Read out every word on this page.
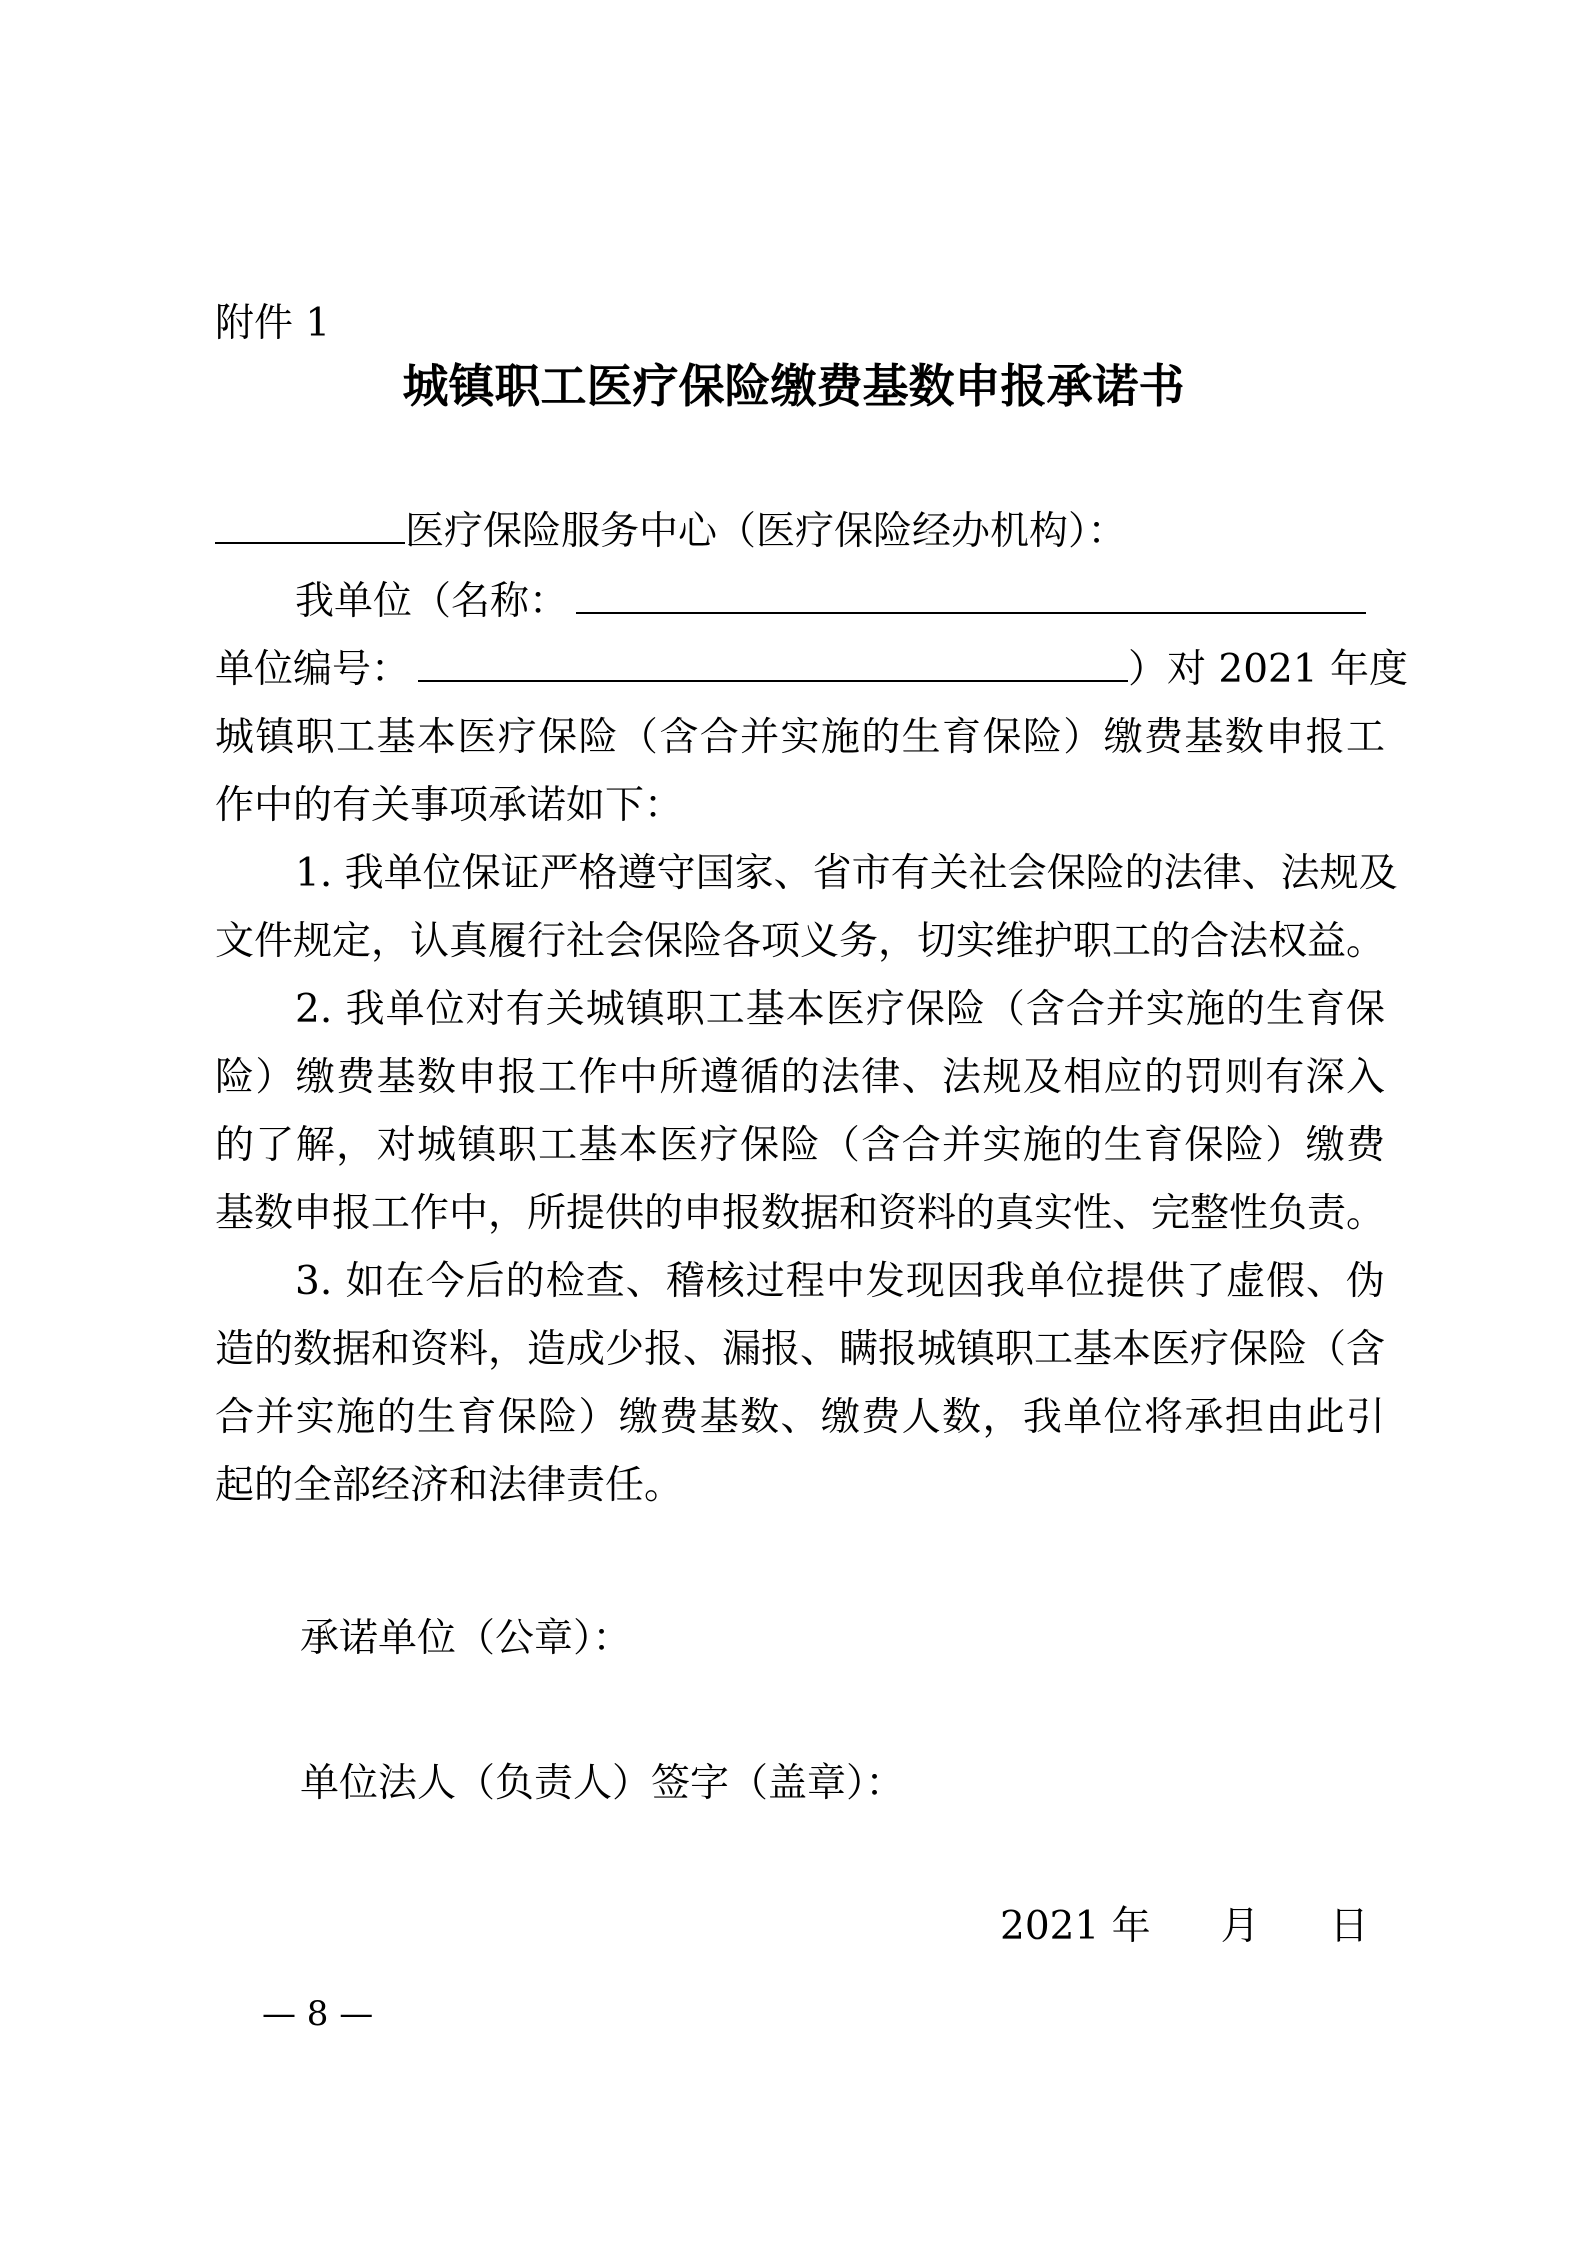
附件 1
城镇职工医疗保险缴费基数申报承诺书
医疗保险服务中心（医疗保险经办机构）：
我单位（名称：
单位编号：	）对 2021 年度
城镇职工基本医疗保险（含合并实施的生育保险）缴费基数申报工
作中的有关事项承诺如下：
1. 我单位保证严格遵守国家、省市有关社会保险的法律、法规及
文件规定，认真履行社会保险各项义务，切实维护职工的合法权益。
2. 我单位对有关城镇职工基本医疗保险（含合并实施的生育保
险）缴费基数申报工作中所遵循的法律、法规及相应的罚则有深入
的了解，对城镇职工基本医疗保险（含合并实施的生育保险）缴费
基数申报工作中，所提供的申报数据和资料的真实性、完整性负责。
3. 如在今后的检查、稽核过程中发现因我单位提供了虚假、伪
造的数据和资料，造成少报、漏报、瞒报城镇职工基本医疗保险（含
合并实施的生育保险）缴费基数、缴费人数，我单位将承担由此引
起的全部经济和法律责任。
承诺单位（公章）：
单位法人（负责人）签字（盖章）：
2021 年 月 日
— 8 —
